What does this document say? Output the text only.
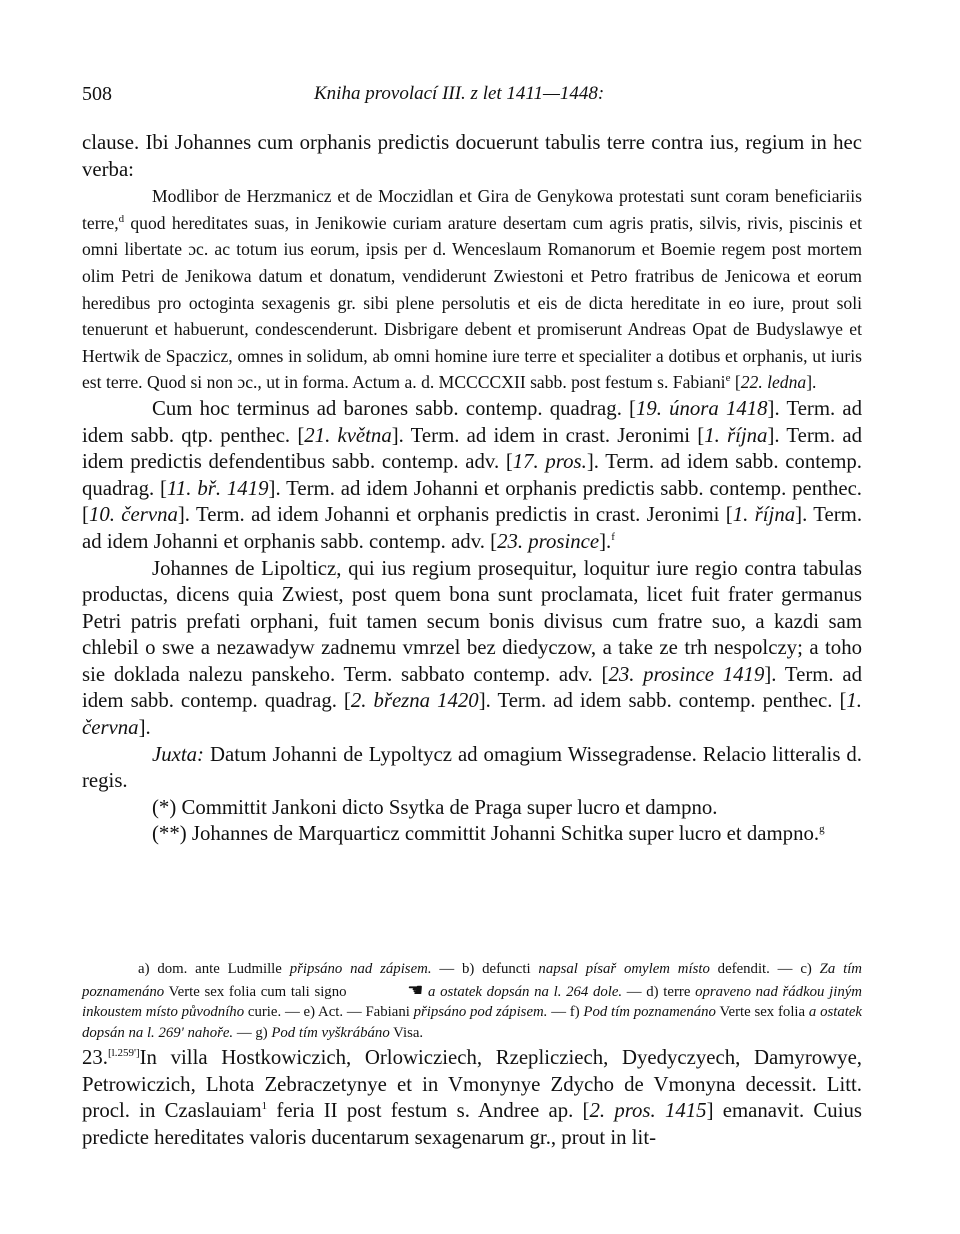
508	Kniha provolací III. z let 1411—1448:

clause. Ibi Johannes cum orphanis predictis docuerunt tabulis terre contra ius, regium in hec verba:

Modlibor de Herzmanicz et de Moczidlan et Gira de Genykowa protestati sunt coram beneficiariis terre,$^d$ quod hereditates suas, in Jenikowie curiam arature desertam cum agris pratis, silvis, rivis, piscinis et omni libertate ɔc. ac totum ius eorum, ipsis per d. Wenceslaum Romanorum et Boemie regem post mortem olim Petri de Jenikowa datum et donatum, vendiderunt Zwiestoni et Petro fratribus de Jenicowa et eorum heredibus pro octoginta sexagenis gr. sibi plene persolutis et eis de dicta hereditate in eo iure, prout soli tenuerunt et habuerunt, condescenderunt. Disbrigare debent et promiserunt Andreas Opat de Budyslawye et Hertwik de Spaczicz, omnes in solidum, ab omni homine iure terre et specialiter a dotibus et orphanis, ut iuris est terre. Quod si non ɔc., ut in forma. Actum a. d. MCCCCXII sabb. post festum s. Fabiani$^e$ [22. ledna].

Cum hoc terminus ad barones sabb. contemp. quadrag. [19. února 1418]. Term. ad idem sabb. qtp. penthec. [21. května]. Term. ad idem in crast. Jeronimi [1. října]. Term. ad idem predictis defendentibus sabb. contemp. adv. [17. pros.]. Term. ad idem sabb. contemp. quadrag. [11. bř. 1419]. Term. ad idem Johanni et orphanis predictis sabb. contemp. penthec. [10. června]. Term. ad idem Johanni et orphanis predictis in crast. Jeronimi [1. října]. Term. ad idem Johanni et orphanis sabb. contemp. adv. [23. prosince].$^f$

Johannes de Lipolticz, qui ius regium prosequitur, loquitur iure regio contra tabulas productas, dicens quia Zwiest, post quem bona sunt proclamata, licet fuit frater germanus Petri patris prefati orphani, fuit tamen secum bonis divisus cum fratre suo, a kazdi sam chlebil o swe a nezawadyw zadnemu vmrzel bez diedyczow, a take ze trh nespolczy; a toho sie doklada nalezu panskeho. Term. sabbato contemp. adv. [23. prosince 1419]. Term. ad idem sabb. contemp. quadrag. [2. března 1420]. Term. ad idem sabb. contemp. penthec. [1. června].

Juxta: Datum Johanni de Lypoltycz ad omagium Wissegradense. Relacio litteralis d. regis.

(*) Committit Jankoni dicto Ssytka de Praga super lucro et dampno.

(**) Johannes de Marquarticz committit Johanni Schitka super lucro et dampno.$^g$

a) dom. ante Ludmille připsáno nad zápisem. — b) defuncti napsal písař omylem místo defendit. — c) Za tím poznamenáno Verte sex folia cum tali signo	☚ a ostatek dopsán na l. 264 dole. — d) terre opraveno nad řádkou jiným inkoustem místo původního curie. — e) Act. — Fabiani připsáno pod zápisem. — f) Pod tím poznamenáno Verte sex folia a ostatek dopsán na l. 269' nahoře. — g) Pod tím vyškrábáno Visa.

23.[l.259']In villa Hostkowiczich, Orlowicziech, Rzeplicziech, Dyedyczyech, Damyrowye, Petrowiczich, Lhota Zebraczetynye et in Vmonynye Zdycho de Vmonyna decessit. Litt. procl. in Czaslauiam$^1$ feria II post festum s. Andree ap. [2. pros. 1415] emanavit. Cuius predicte hereditates valoris ducentarum sexagenarum gr., prout in lit-
